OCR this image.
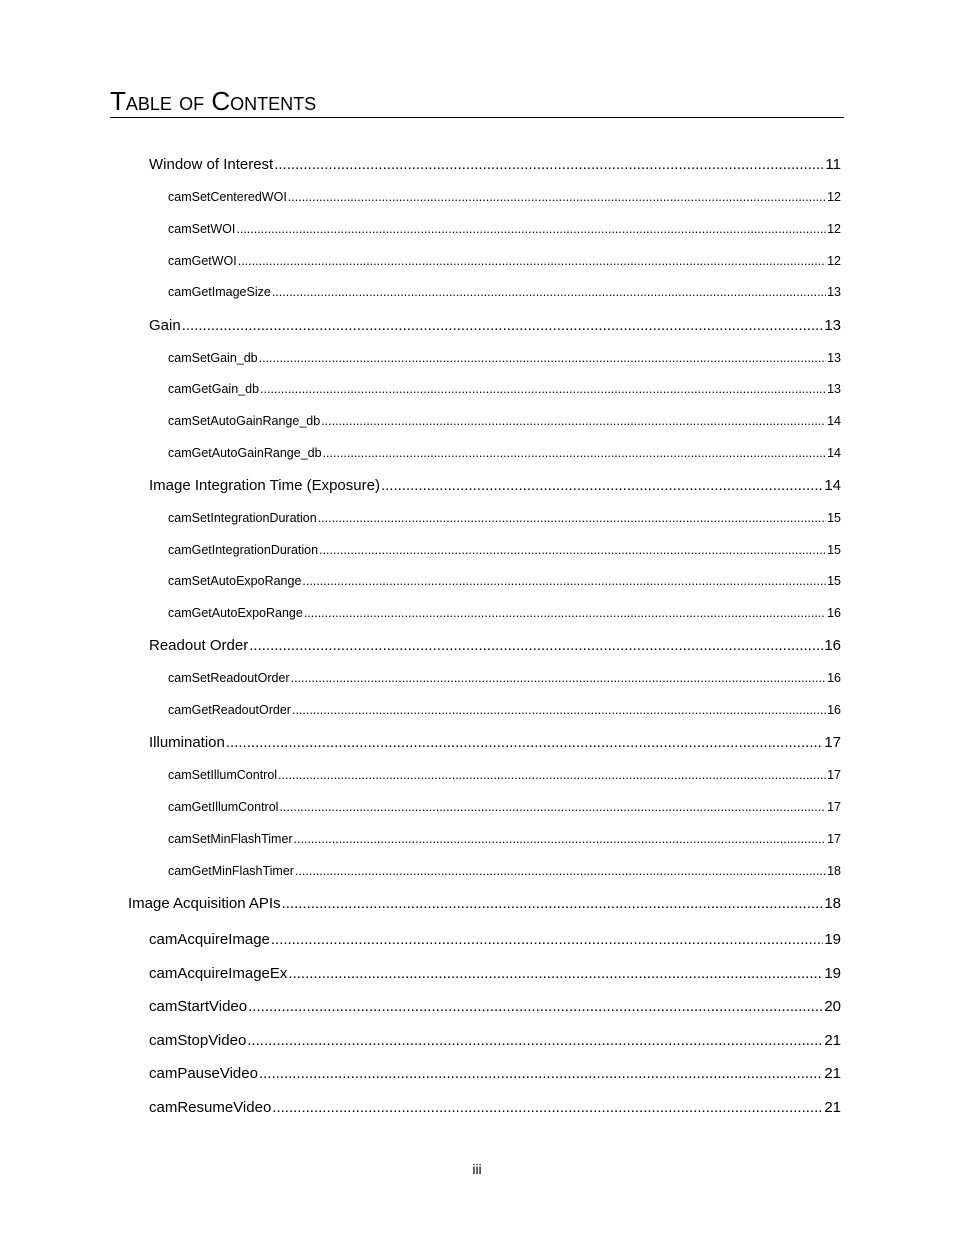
Table of Contents
Window of Interest .....	11
camSetCenteredWOI .....	12
camSetWOI .....	12
camGetWOI .....	12
camGetImageSize .....	13
Gain .....	13
camSetGain_db .....	13
camGetGain_db .....	13
camSetAutoGainRange_db .....	14
camGetAutoGainRange_db .....	14
Image Integration Time (Exposure) .....	14
camSetIntegrationDuration .....	15
camGetIntegrationDuration .....	15
camSetAutoExpoRange .....	15
camGetAutoExpoRange .....	16
Readout Order .....	16
camSetReadoutOrder .....	16
camGetReadoutOrder .....	16
Illumination .....	17
camSetIllumControl .....	17
camGetIllumControl .....	17
camSetMinFlashTimer .....	17
camGetMinFlashTimer .....	18
Image Acquisition APIs .....	18
camAcquireImage .....	19
camAcquireImageEx .....	19
camStartVideo .....	20
camStopVideo .....	21
camPauseVideo .....	21
camResumeVideo .....	21
iii
